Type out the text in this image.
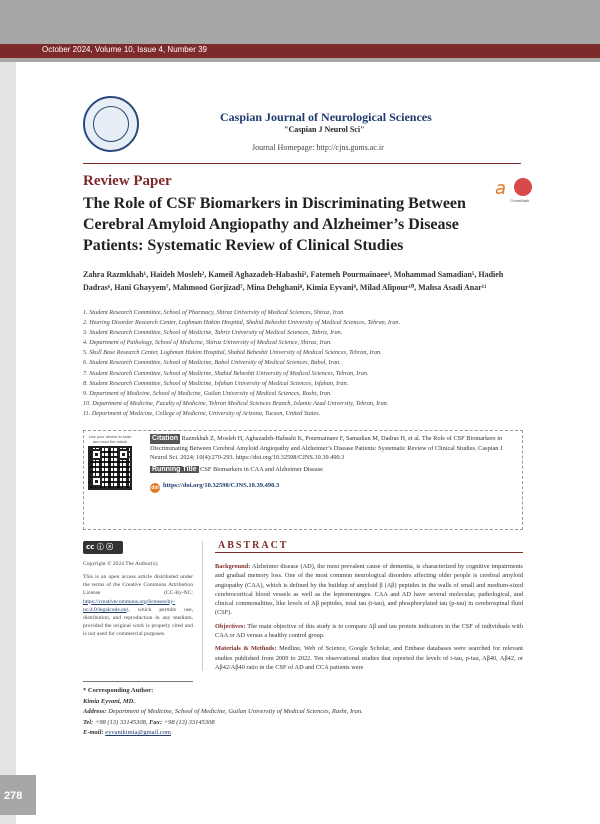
October 2024, Volume 10, Issue 4, Number 39
278
Caspian Journal of Neurological Sciences
"Caspian J Neurol Sci"
Journal Homepage: http://cjns.gums.ac.ir
Review Paper
The Role of CSF Biomarkers in Discriminating Between Cerebral Amyloid Angiopathy and Alzheimer’s Disease Patients: Systematic Review of Clinical Studies
𝘢
CrossMark
Zahra Razmkhah¹, Haideh Mosleh², Kameil Aghazadeh-Habashi³, Fatemeh Pourmainaee⁴, Mohammad Samadian⁵, Hadieh
Dadras⁶, Hani Ghayyem⁷, Mahmood Gorjizad⁷, Mina Dehghani⁸, Kimia Eyvani⁹, Milad Alipour¹⁰, Mahsa Asadi Anar¹¹
1. Student Research Committee, School of Pharmacy, Shiraz University of Medical Sciences, Shiraz, Iran.
2. Hearing Disorder Research Center, Loghman Hakim Hospital, Shahid Beheshti University of Medical Sciences, Tehran, Iran.
3. Student Research Committee, School of Medicine, Tabriz University of Medical Sciences, Tabriz, Iran.
4. Department of Pathology, School of Medicine, Shiraz University of Medical Science, Shiraz, Iran.
5. Skull Base Research Center, Loghman Hakim Hospital, Shahid Beheshti University of Medical Sciences, Tehran, Iran.
6. Student Research Committee, School of Medicine, Babol University of Medical Sciences, Babol, Iran.
7. Student Research Committee, School of Medicine, Shahid Beheshti University of Medical Sciences, Tehran, Iran.
8. Student Research Committee, School of Medicine, Isfahan University of Medical Sciences, Isfahan, Iran.
9. Department of Medicine, School of Medicine, Guilan University of Medical Sciences, Rasht, Iran.
10. Department of Medicine, Faculty of Medicine, Tehran Medical Sciences Branch, Islamic Azad University, Tehran, Iran.
11. Department of Medicine, College of Medicine, University of Arizona, Tucson, United States.
Use your device to scan and read the article	Citation Razmkhah Z, Mosleh H, Aghazadeh-Habashi K, Pourmainaee F, Samadian M, Dadras H, et al. The Role of CSF Biomarkers in Discriminating Between Cerebral Amyloid Angiopathy and Alzheimer’s Disease Patients: Systematic Review of Clinical Studies. Caspian J Neurol Sci. 2024; 10(4):270-293. https://doi.org/10.32598/CJNS.10.39.490.3
Running Title CSF Biomarkers in CAA and Alzheimer Disease
doi https://doi.org/10.32598/CJNS.10.39.490.3
cc ⓘ ⓢ
Copyright © 2024 The Author(s);
This is an open access article distributed under the terms of the Creative Commons Attribution License (CC-By-NC: https://creativecommons.org/licenses/by-nc/4.0/legalcode.en), which permits use, distribution, and reproduction in any medium, provided the original work is properly cited and is not used for commercial purposes.
ABSTRACT

Background: Alzheimer disease (AD), the most prevalent cause of dementia, is characterized by cognitive impairments and gradual memory loss. One of the most common neurological disorders affecting older people is cerebral amyloid angiopathy (CAA), which is defined by the buildup of amyloid β (Aβ) peptides in the walls of small and medium-sized cerebrocortical blood vessels as well as the leptomeninges. CAA and AD have several molecular, pathological, and clinical commonalities, like levels of Aβ peptides, total tau (t-tau), and phosphorylated tau (p-tau) in cerebrospinal fluid (CSF).

Objectives: The main objective of this study is to compare Aβ and tau protein indicators in the CSF of individuals with CAA or AD versus a healthy control group.

Materials & Methods: Medline, Web of Science, Google Scholar, and Embase databases were searched for relevant studies published from 2009 to 2022. Ten observational studies that reported the levels of t-tau, p-tau, Aβ40, Aβ42, or Aβ42/Aβ40 ratio in the CSF of AD and CCA patients were

* Corresponding Author:
Kimia Eyvani, MD.
Address: Department of Medicine, School of Medicine, Guilan University of Medical Sciences, Rasht, Iran.
Tel: +98 (13) 33145308, Fax: +98 (13) 33145308
E-mail: eyvanikimia@gmail.com
